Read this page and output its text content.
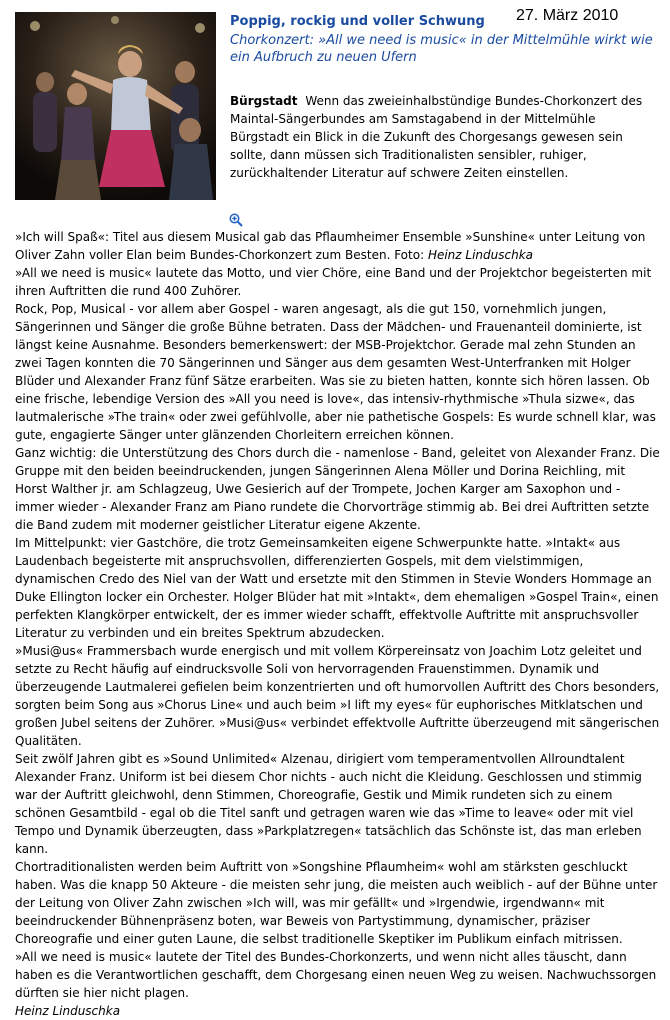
27. März 2010
Poppig, rockig und voller Schwung
Chorkonzert: »All we need is music« in der Mittelmühle wirkt wie ein Aufbruch zu neuen Ufern
Bürgstadt Wenn das zweieinhalbstündige Bundes-Chorkonzert des Maintal-Sängerbundes am Samstagabend in der Mittelmühle Bürgstadt ein Blick in die Zukunft des Chorgesangs gewesen sein sollte, dann müssen sich Traditionalisten sensibler, ruhiger, zurückhaltender Literatur auf schwere Zeiten einstellen.

»Ich will Spaß«: Titel aus diesem Musical gab das Pflaumheimer Ensemble »Sunshine« unter Leitung von Oliver Zahn voller Elan beim Bundes-Chorkonzert zum Besten. Foto: Heinz Linduschka

»All we need is music« lautete das Motto, und vier Chöre, eine Band und der Projektchor begeisterten mit ihren Auftritten die rund 400 Zuhörer.

Rock, Pop, Musical - vor allem aber Gospel - waren angesagt, als die gut 150, vornehmlich jungen, Sängerinnen und Sänger die große Bühne betraten. Dass der Mädchen- und Frauenanteil dominierte, ist längst keine Ausnahme. Besonders bemerkenswert: der MSB-Projektchor. Gerade mal zehn Stunden an zwei Tagen konnten die 70 Sängerinnen und Sänger aus dem gesamten West-Unterfranken mit Holger Blüder und Alexander Franz fünf Sätze erarbeiten. Was sie zu bieten hatten, konnte sich hören lassen. Ob eine frische, lebendige Version des »All you need is love«, das intensiv-rhythmische »Thula sizwe«, das lautmalerische »The train« oder zwei gefühlvolle, aber nie pathetische Gospels: Es wurde schnell klar, was gute, engagierte Sänger unter glänzenden Chorleitern erreichen können.

Ganz wichtig: die Unterstützung des Chors durch die - namenlose - Band, geleitet von Alexander Franz. Die Gruppe mit den beiden beeindruckenden, jungen Sängerinnen Alena Möller und Dorina Reichling, mit Horst Walther jr. am Schlagzeug, Uwe Gesierich auf der Trompete, Jochen Karger am Saxophon und - immer wieder - Alexander Franz am Piano rundete die Chorvorträge stimmig ab. Bei drei Auftritten setzte die Band zudem mit moderner geistlicher Literatur eigene Akzente.

Im Mittelpunkt: vier Gastchöre, die trotz Gemeinsamkeiten eigene Schwerpunkte hatte. »Intakt« aus Laudenbach begeisterte mit anspruchsvollen, differenzierten Gospels, mit dem vielstimmigen, dynamischen Credo des Niel van der Watt und ersetzte mit den Stimmen in Stevie Wonders Hommage an Duke Ellington locker ein Orchester. Holger Blüder hat mit »Intakt«, dem ehemaligen »Gospel Train«, einen perfekten Klangkörper entwickelt, der es immer wieder schafft, effektvolle Auftritte mit anspruchsvoller Literatur zu verbinden und ein breites Spektrum abzudecken.

»Musi@us« Frammersbach wurde energisch und mit vollem Körpereinsatz von Joachim Lotz geleitet und setzte zu Recht häufig auf eindrucksvolle Soli von hervorragenden Frauenstimmen. Dynamik und überzeugende Lautmalerei gefielen beim konzentrierten und oft humorvollen Auftritt des Chors besonders, sorgten beim Song aus »Chorus Line« und auch beim »I lift my eyes« für euphorisches Mitklatschen und großen Jubel seitens der Zuhörer. »Musi@us« verbindet effektvolle Auftritte überzeugend mit sängerischen Qualitäten.

Seit zwölf Jahren gibt es »Sound Unlimited« Alzenau, dirigiert vom temperamentvollen Allroundtalent Alexander Franz. Uniform ist bei diesem Chor nichts - auch nicht die Kleidung. Geschlossen und stimmig war der Auftritt gleichwohl, denn Stimmen, Choreografie, Gestik und Mimik rundeten sich zu einem schönen Gesamtbild - egal ob die Titel sanft und getragen waren wie das »Time to leave« oder mit viel Tempo und Dynamik überzeugten, dass »Parkplatzregen« tatsächlich das Schönste ist, das man erleben kann.

Chortraditionalisten werden beim Auftritt von »Songshine Pflaumheim« wohl am stärksten geschluckt haben. Was die knapp 50 Akteure - die meisten sehr jung, die meisten auch weiblich - auf der Bühne unter der Leitung von Oliver Zahn zwischen »Ich will, was mir gefällt« und »Irgendwie, irgendwann« mit beeindruckender Bühnenpräsenz boten, war Beweis von Partystimmung, dynamischer, präziser Choreografie und einer guten Laune, die selbst traditionelle Skeptiker im Publikum einfach mitrissen.

»All we need is music« lautete der Titel des Bundes-Chorkonzerts, und wenn nicht alles täuscht, dann haben es die Verantwortlichen geschafft, dem Chorgesang einen neuen Weg zu weisen. Nachwuchssorgen dürften sie hier nicht plagen.

Heinz Linduschka
